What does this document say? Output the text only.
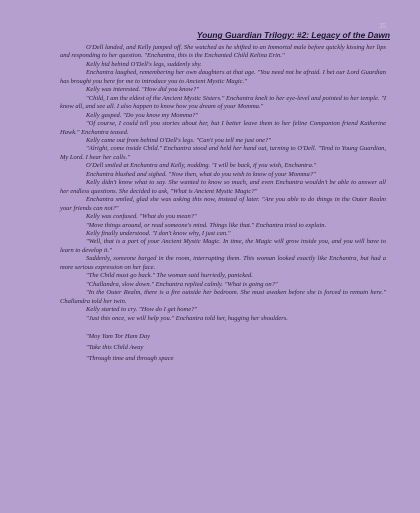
35
Young Guardian Trilogy: #2: Legacy of the Dawn

O'Dell landed, and Kelly jumped off. She watched as he shifted to an Immortal male before quickly kissing her lips and responding to her question. "Enchantra, this is the Enchanted Child Kelina Erin."

Kelly hid behind O'Dell's legs, suddenly shy.

Enchantra laughed, remembering her own daughters at that age. "You need not be afraid. I bet our Lord Guardian has brought you here for me to introduce you to Ancient Mystic Magic."

Kelly was interested. "How did you know?"

"Child, I am the eldest of the Ancient Mystic Sisters." Enchantra knelt to her eye-level and pointed to her temple. "I know all, and see all. I also happen to know how you dream of your Momma."

Kelly gasped. "Do you know my Momma?"

"Of course, I could tell you stories about her, but I better leave them to her feline Companion friend Katherine Hawk." Enchantra teased.

Kelly came out from behind O'Dell's legs. "Can't you tell me just one?"

"Alright, come inside Child." Enchantra stood and held her hand out, turning to O'Dell. "Tend to Young Guardian, My Lord. I hear her calls."

O'Dell smiled at Enchantra and Kelly, nodding. "I will be back, if you wish, Enchantra."

Enchantra blushed and sighed. "Now then, what do you wish to know of your Momma?"

Kelly didn't know what to say. She wanted to know so much, and even Enchantra wouldn't be able to answer all her endless questions. She decided to ask, "What is Ancient Mystic Magic?"

Enchantra smiled, glad she was asking this now, instead of later. "Are you able to do things in the Outer Realm your friends can not?"

Kelly was confused. "What do you mean?"

"Move things around, or read someone's mind. Things like that." Enchantra tried to explain.

Kelly finally understood. "I don't know why, I just can."

"Well, that is a part of your Ancient Mystic Magic. In time, the Magic will grow inside you, and you will have to learn to develop it."

Suddenly, someone barged in the room, interrupting them. This woman looked exactly like Enchantra, but had a more serious expression on her face.

"The Child must go back." The woman said hurriedly, panicked.

"Challandra, slow down." Enchantra replied calmly. "What is going on?"

"In the Outer Realm, there is a fire outside her bedroom. She must awaken before she is forced to remain here." Challandra told her twin.

Kelly started to cry. "How do I get home?"

"Just this once, we will help you." Enchantra told her, hugging her shoulders.

"Moy Yam Tor Ham Day

"Take this Child Away

"Through time and through space
